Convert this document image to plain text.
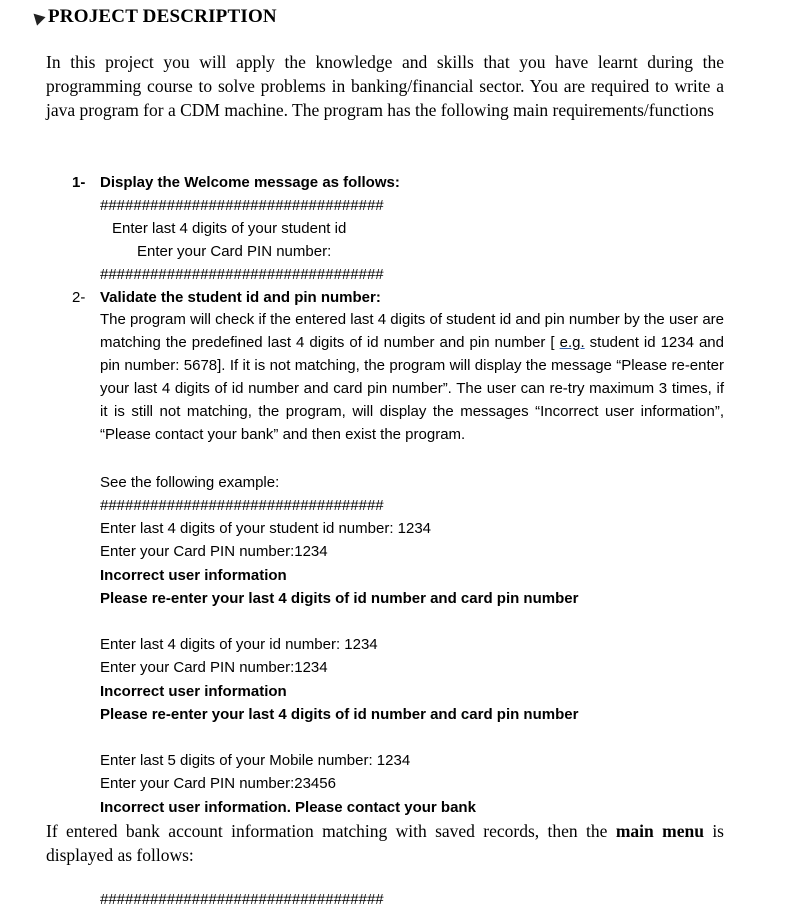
PROJECT DESCRIPTION

In this project you will apply the knowledge and skills that you have learnt during the programming course to solve problems in banking/financial sector. You are required to write a java program for a CDM machine. The program has the following main requirements/functions

1- Display the Welcome message as follows:
##################################
Enter last 4 digits of your student id
Enter your Card PIN number:
##################################
2- Validate the student id and pin number:

The program will check if the entered last 4 digits of student id and pin number by the user are matching the predefined last 4 digits of id number and pin number [ e.g. student id 1234 and pin number: 5678]. If it is not matching, the program will display the message “Please re-enter your last 4 digits of id number and card pin number”. The user can re-try maximum 3 times, if it is still not matching, the program, will display the messages “Incorrect user information”, “Please contact your bank” and then exist the program.

See the following example:
##################################
Enter last 4 digits of your student id number: 1234
Enter your Card PIN number:1234
Incorrect user information
Please re-enter your last 4 digits of id number and card pin number
Enter last 4 digits of your id number: 1234
Enter your Card PIN number:1234
Incorrect user information
Please re-enter your last 4 digits of id number and card pin number
Enter last 5 digits of your Mobile number: 1234
Enter your Card PIN number:23456
Incorrect user information. Please contact your bank

If entered bank account information matching with saved records, then the main menu is displayed as follows:

##################################
